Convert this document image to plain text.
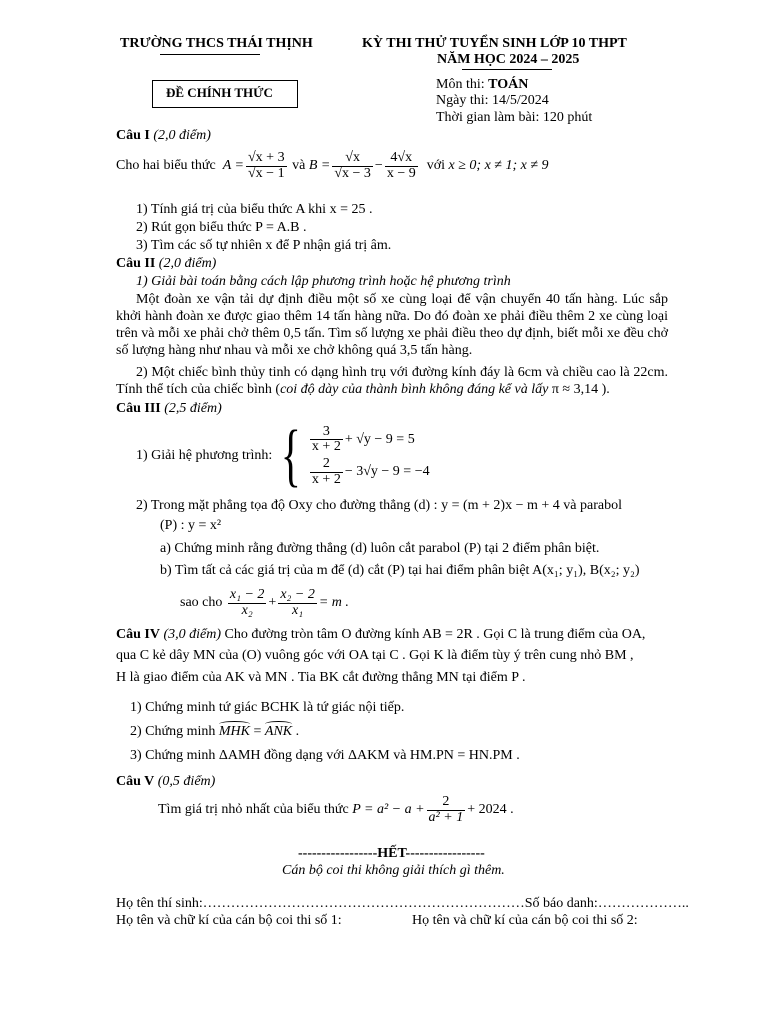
TRƯỜNG THCS THÁI THỊNH	KỲ THI THỬ TUYỂN SINH LỚP 10 THPT
NĂM HỌC 2024 – 2025
ĐỀ CHÍNH THỨC
Môn thi: TOÁN
Ngày thi: 14/5/2024
Thời gian làm bài: 120 phút
Câu I (2,0 điểm)
Cho hai biểu thức
$A = \frac{√x + 3}{√x - 1}$
và
$B = \frac{√x}{√x - 3} - \frac{4√x}{x - 9}$
với
x ≥ 0; x ≠ 1; x ≠ 9
1) Tính giá trị của biểu thức A khi x = 25 .
2) Rút gọn biểu thức P = A.B .
3) Tìm các số tự nhiên x để P nhận giá trị âm.
Câu II (2,0 điểm)
1) Giải bài toán bằng cách lập phương trình hoặc hệ phương trình

Một đoàn xe vận tải dự định điều một số xe cùng loại để vận chuyển 40 tấn hàng. Lúc sắp khởi hành đoàn xe được giao thêm 14 tấn hàng nữa. Do đó đoàn xe phải điều thêm 2 xe cùng loại trên và mỗi xe phải chở thêm 0,5 tấn. Tìm số lượng xe phải điều theo dự định, biết mỗi xe đều chở số lượng hàng như nhau và mỗi xe chở không quá 3,5 tấn hàng.

2) Một chiếc bình thủy tinh có dạng hình trụ với đường kính đáy là 6cm và chiều cao là 22cm. Tính thể tích của chiếc bình (coi độ dày của thành bình không đáng kể và lấy π ≈ 3,14 ).

Câu III (2,5 điểm)
1) Giải hệ phương trình: { $\frac{3}{x + 2} + √y - 9 = 5$
$\frac{2}{x + 2} - 3√y - 9 = -4$
2) Trong mặt phẳng tọa độ Oxy cho đường thẳng (d) : y = (m + 2)x − m + 4 và parabol
(P) : y = x²
a) Chứng minh rằng đường thẳng (d) luôn cắt parabol (P) tại 2 điểm phân biệt.
b) Tìm tất cả các giá trị của m để (d) cắt (P) tại hai điểm phân biệt A(x₁; y₁), B(x₂; y₂)
sao cho
$\frac{\text{x₁ − 2}}{\text{x₂}} + \frac{\text{x₂ − 2}}{\text{x₁}} = m$ .
Câu IV (3,0 điểm) Cho đường tròn tâm O đường kính AB = 2R . Gọi C là trung điểm của OA,
qua C kẻ dây MN của (O) vuông góc với OA tại C . Gọi K là điểm tùy ý trên cung nhỏ BM ,
H là giao điểm của AK và MN . Tia BK cắt đường thẳng MN tại điểm P .
1) Chứng minh tứ giác BCHK là tứ giác nội tiếp.
2) Chứng minh MHK = ANK .
3) Chứng minh ΔAMH đồng dạng với ΔAKM và HM.PN = HN.PM .
Câu V (0,5 điểm)
Tìm giá trị nhỏ nhất của biểu thức
$P = a^2 - a + \frac{2}{\text{a² + 1}} + 2024$ .
-----------------HẾT-----------------
Cán bộ coi thi không giải thích gì thêm.
Họ tên thí sinh:……………………………………………………………Số báo danh:………………..
Họ tên và chữ kí của cán bộ coi thi số 1:	Họ tên và chữ kí của cán bộ coi thi số 2:
